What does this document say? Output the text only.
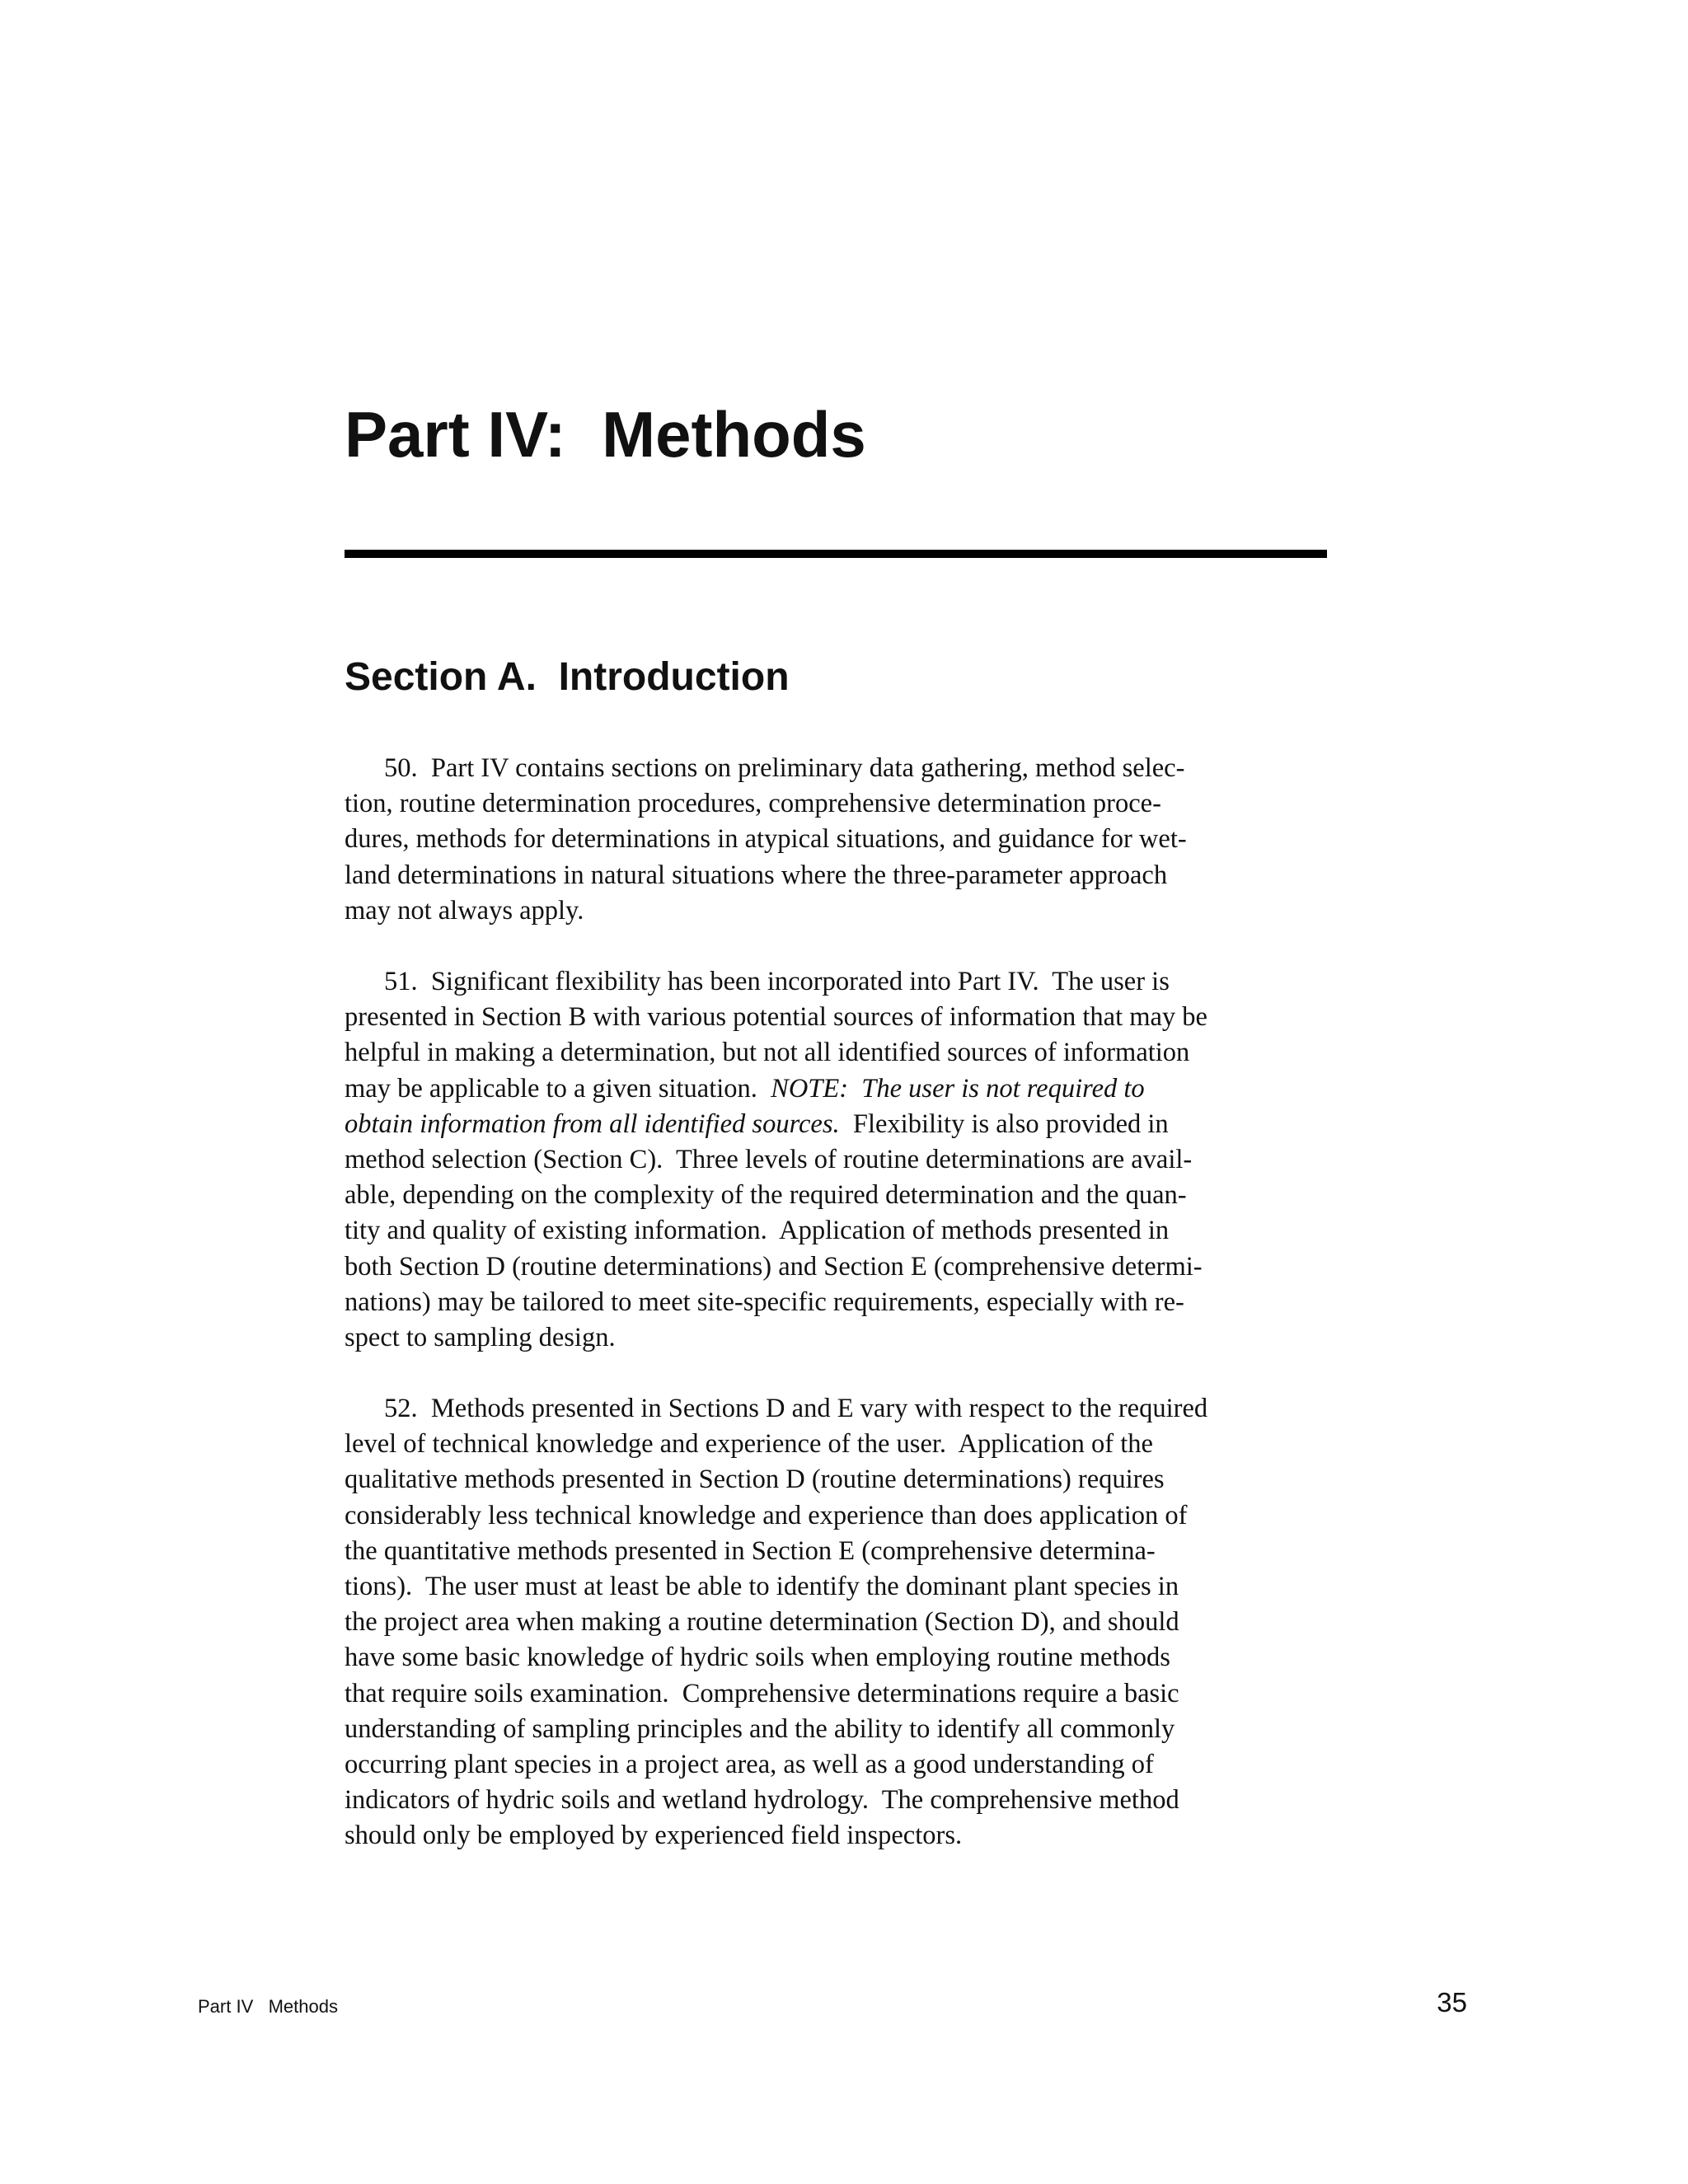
Part IV:  Methods
Section A.  Introduction
50.  Part IV contains sections on preliminary data gathering, method selec-
tion, routine determination procedures, comprehensive determination proce-
dures, methods for determinations in atypical situations, and guidance for wet-
land determinations in natural situations where the three-parameter approach
may not always apply.
51.  Significant flexibility has been incorporated into Part IV.  The user is
presented in Section B with various potential sources of information that may be
helpful in making a determination, but not all identified sources of information
may be applicable to a given situation.  NOTE:  The user is not required to
obtain information from all identified sources.  Flexibility is also provided in
method selection (Section C).  Three levels of routine determinations are avail-
able, depending on the complexity of the required determination and the quan-
tity and quality of existing information.  Application of methods presented in
both Section D (routine determinations) and Section E (comprehensive determi-
nations) may be tailored to meet site-specific requirements, especially with re-
spect to sampling design.
52.  Methods presented in Sections D and E vary with respect to the required
level of technical knowledge and experience of the user.  Application of the
qualitative methods presented in Section D (routine determinations) requires
considerably less technical knowledge and experience than does application of
the quantitative methods presented in Section E (comprehensive determina-
tions).  The user must at least be able to identify the dominant plant species in
the project area when making a routine determination (Section D), and should
have some basic knowledge of hydric soils when employing routine methods
that require soils examination.  Comprehensive determinations require a basic
understanding of sampling principles and the ability to identify all commonly
occurring plant species in a project area, as well as a good understanding of
indicators of hydric soils and wetland hydrology.  The comprehensive method
should only be employed by experienced field inspectors.
Part IV   Methods	35
